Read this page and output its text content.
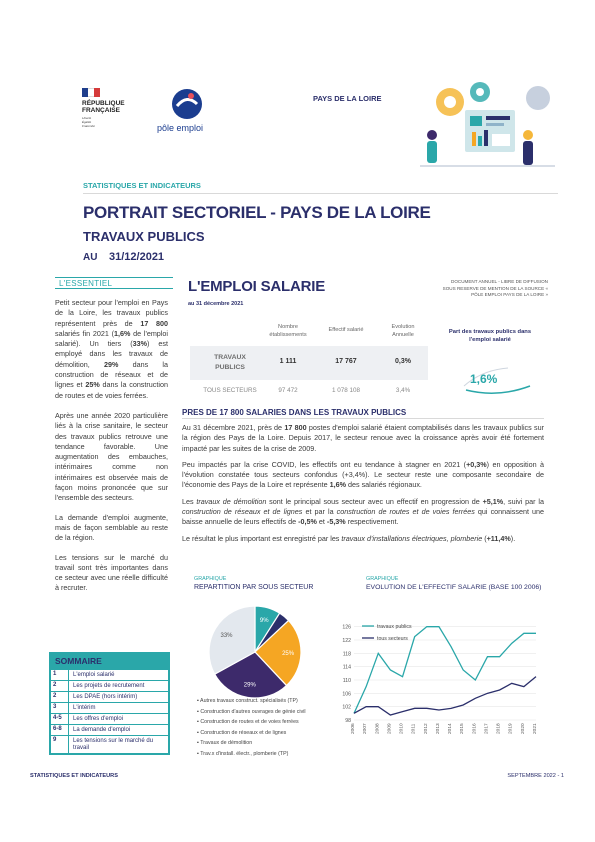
RÉPUBLIQUE
FRANÇAISE
Liberté
Égalité
Fraternité	pôle emploi
PAYS DE LA LOIRE
STATISTIQUES ET INDICATEURS
PORTRAIT SECTORIEL - PAYS DE LA LOIRE
TRAVAUX PUBLICS
AU 31/12/2021
L'ESSENTIEL

Petit secteur pour l'emploi en Pays de la Loire, les travaux publics représentent près de 17 800 salariés fin 2021 (1,6% de l'emploi salarié). Un tiers (33%) est employé dans les travaux de démolition, 29% dans la construction de réseaux et de lignes et 25% dans la construction de routes et de voies ferrées.

Après une année 2020 particulière liés à la crise sanitaire, le secteur des travaux publics retrouve une tendance favorable. Une augmentation des embauches, intérimaires comme non intérimaires est observée mais de façon moins prononcée que sur l'ensemble des secteurs.

La demande d'emploi augmente, mais de façon semblable au reste de la région.

Les tensions sur le marché du travail sont très importantes dans ce secteur avec une réelle difficulté à recruter.

SOMMAIRE
1	L'emploi salarié
2	Les projets de recrutement
2	Les DPAE (hors intérim)
3	L'intérim
4-5	Les offres d'emploi
6-8	La demande d'emploi
9	Les tensions sur le marché du travail
L'EMPLOI SALARIE
au 31 décembre 2021
DOCUMENT ANNUEL - LIBRE DE DIFFUSION
SOUS RESERVE DE MENTION DE LA SOURCE «
PÔLE EMPLOI PAYS DE LA LOIRE »
Nombre
établissements
Effectif salarié	Evolution
Annuelle
TRAVAUX
PUBLICS
1 111	17 767	0,3%
TOUS SECTEURS	97 472	1 078 108	3,4%
Part des travaux publics dans
l'emploi salarié
1,6%
PRES DE 17 800 SALARIES DANS LES TRAVAUX PUBLICS

Au 31 décembre 2021, près de 17 800 postes d'emploi salarié étaient comptabilisés dans les travaux publics sur la région des Pays de la Loire. Depuis 2017, le secteur renoue avec la croissance après avoir été fortement impacté par les suites de la crise de 2009.

Peu impactés par la crise COVID, les effectifs ont eu tendance à stagner en 2021 (+0,3%) en opposition à l'évolution constatée tous secteurs confondus (+3,4%). Le secteur reste une composante secondaire de l'économie des Pays de la Loire et représente 1,6% des salariés régionaux.

Les travaux de démolition sont le principal sous secteur avec un effectif en progression de +5,1%, suivi par la construction de réseaux et de lignes et par la construction de routes et de voies ferrées qui connaissent une baisse annuelle de leurs effectifs de -0,5% et -5,3% respectivement.

Le résultat le plus important est enregistré par les travaux d'installations électriques, plomberie (+11,4%).

GRAPHIQUE
REPARTITION PAR SOUS SECTEUR
9%
25%
29%
33%
▪ Autres travaux construct. spécialisés (TP)
▪ Construction d'autres ouvrages de génie civil
▪ Construction de routes et de voies ferrées
▪ Construction de réseaux et de lignes
▪ Travaux de démolition
▪ Trav.x d'install. électr., plomberie (TP)
GRAPHIQUE
EVOLUTION DE L'EFFECTIF SALARIE (BASE 100 2006)
98
102
106
110
114
118
122
126
2006 2007 2008 2009 2010 2011 2012 2013 2014 2015 2016 2017 2018 2019 2020 2021
travaux publics
tous secteurs
STATISTIQUES ET INDICATEURS	SEPTEMBRE 2022 - 1
